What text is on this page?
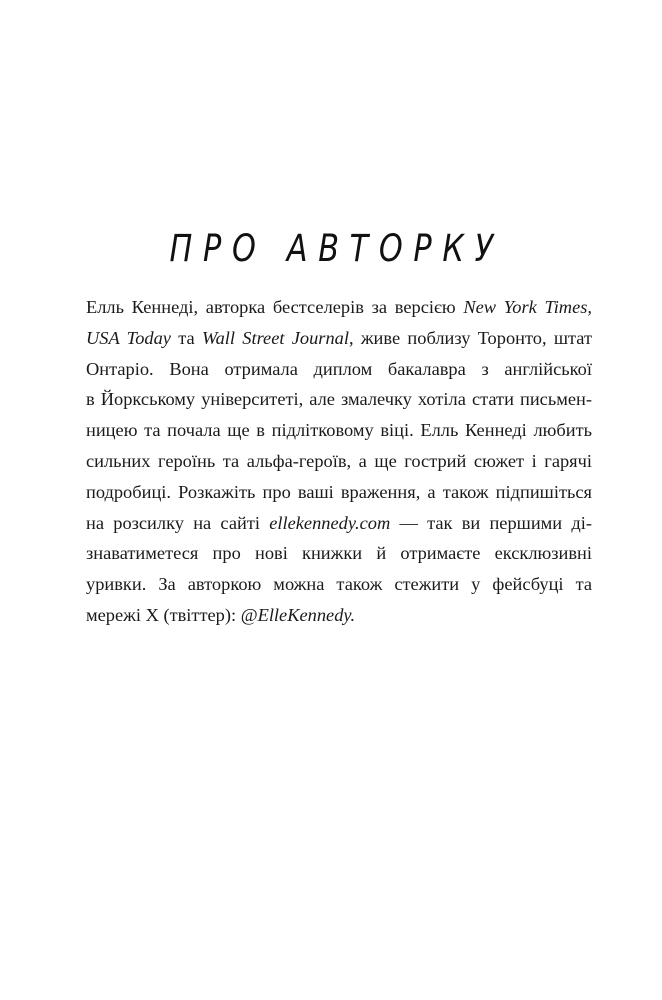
ПРО АВТОРКУ
Елль Кеннеді, авторка бестселерів за версією New York Times,
USA Today та Wall Street Journal, живе поблизу Торонто, штат
Онтаріо. Вона отримала диплом бакалавра з англійської
в Йоркському університеті, але змалечку хотіла стати письмен-
ницею та почала ще в підлітковому віці. Елль Кеннеді любить
сильних героїнь та альфа-героїв, а ще гострий сюжет і гарячі
подробиці. Розкажіть про ваші враження, а також підпишіться
на розсилку на сайті ellekennedy.com — так ви першими ді-
знаватиметеся про нові книжки й отримаєте ексклюзивні
уривки. За авторкою можна також стежити у фейсбуці та
мережі X (твіттер): @ElleKennedy.
